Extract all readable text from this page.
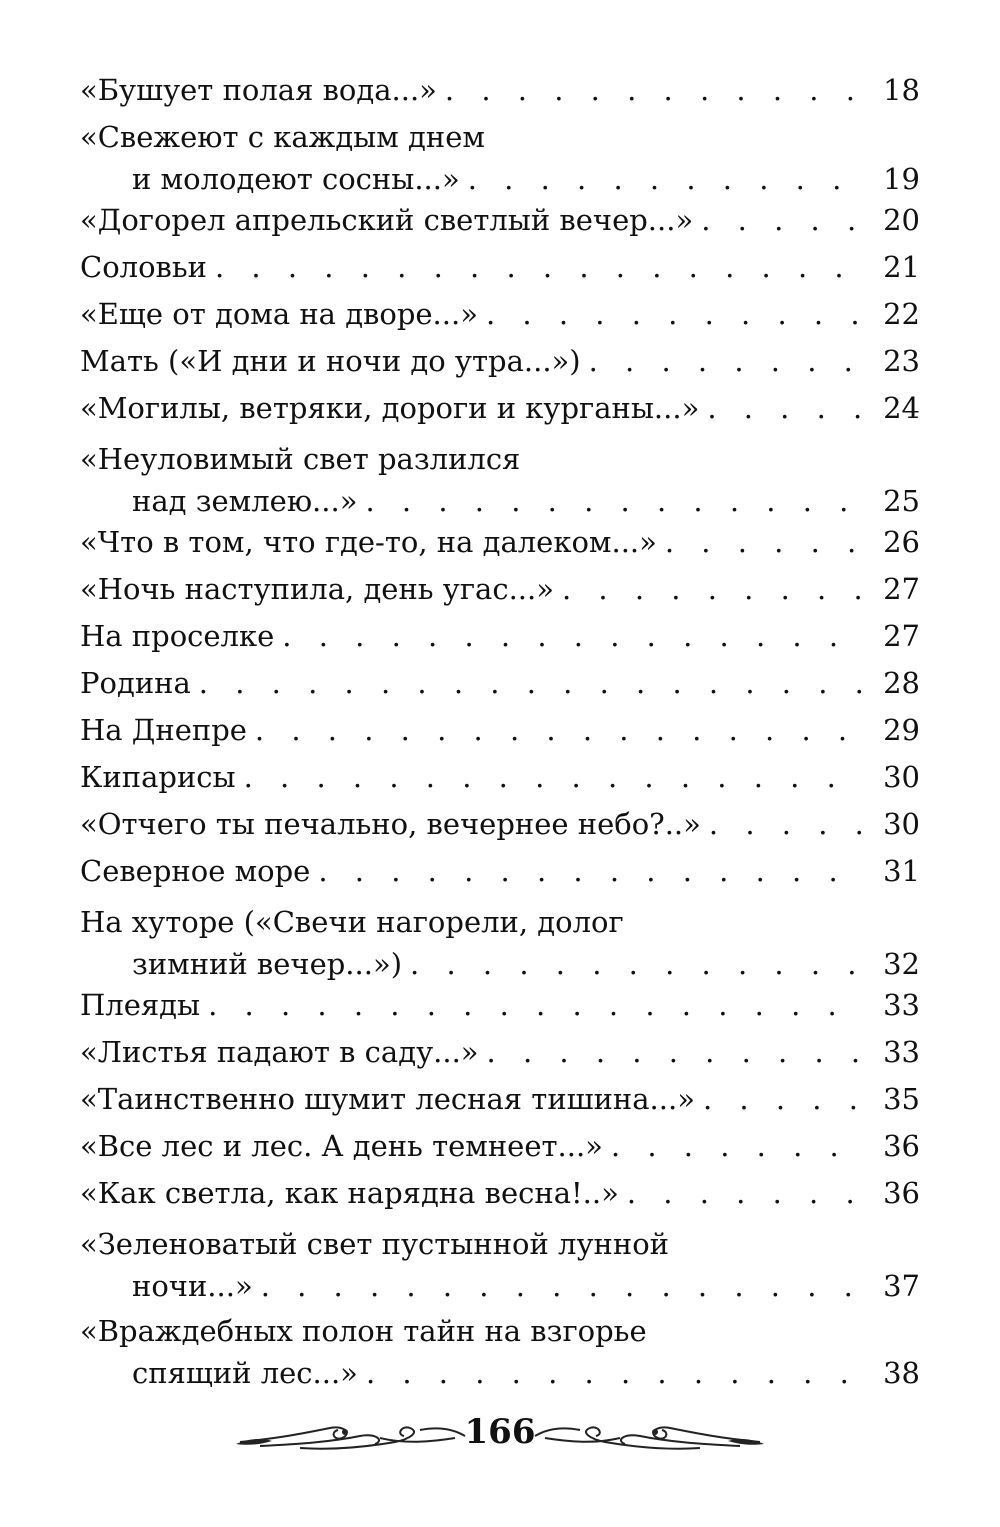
«Бушует полая вода...» . . .	18
«Свежеют с каждым днем
и молодеют сосны...» . . .	19
«Догорел апрельский светлый вечер...» . . .	20
Соловьи . . .	21
«Еще от дома на дворе...» . . .	22
Мать («И дни и ночи до утра...») . . .	23
«Могилы, ветряки, дороги и курганы...» . . .	24
«Неуловимый свет разлился
над землею...» . . .	25
«Что в том, что где-то, на далеком...» . . .	26
«Ночь наступила, день угас...» . . .	27
На проселке . . .	27
Родина . . .	28
На Днепре . . .	29
Кипарисы . . .	30
«Отчего ты печально, вечернее небо?..» . . .	30
Северное море . . .	31
На хуторе («Свечи нагорели, долог
зимний вечер...») . . .	32
Плеяды . . .	33
«Листья падают в саду...» . . .	33
«Таинственно шумит лесная тишина...» . . .	35
«Все лес и лес. А день темнеет...» . . .	36
«Как светла, как нарядна весна!..» . . .	36
«Зеленоватый свет пустынной лунной
ночи...» . . .	37
«Враждебных полон тайн на взгорье
спящий лес...» . . .	38
166
